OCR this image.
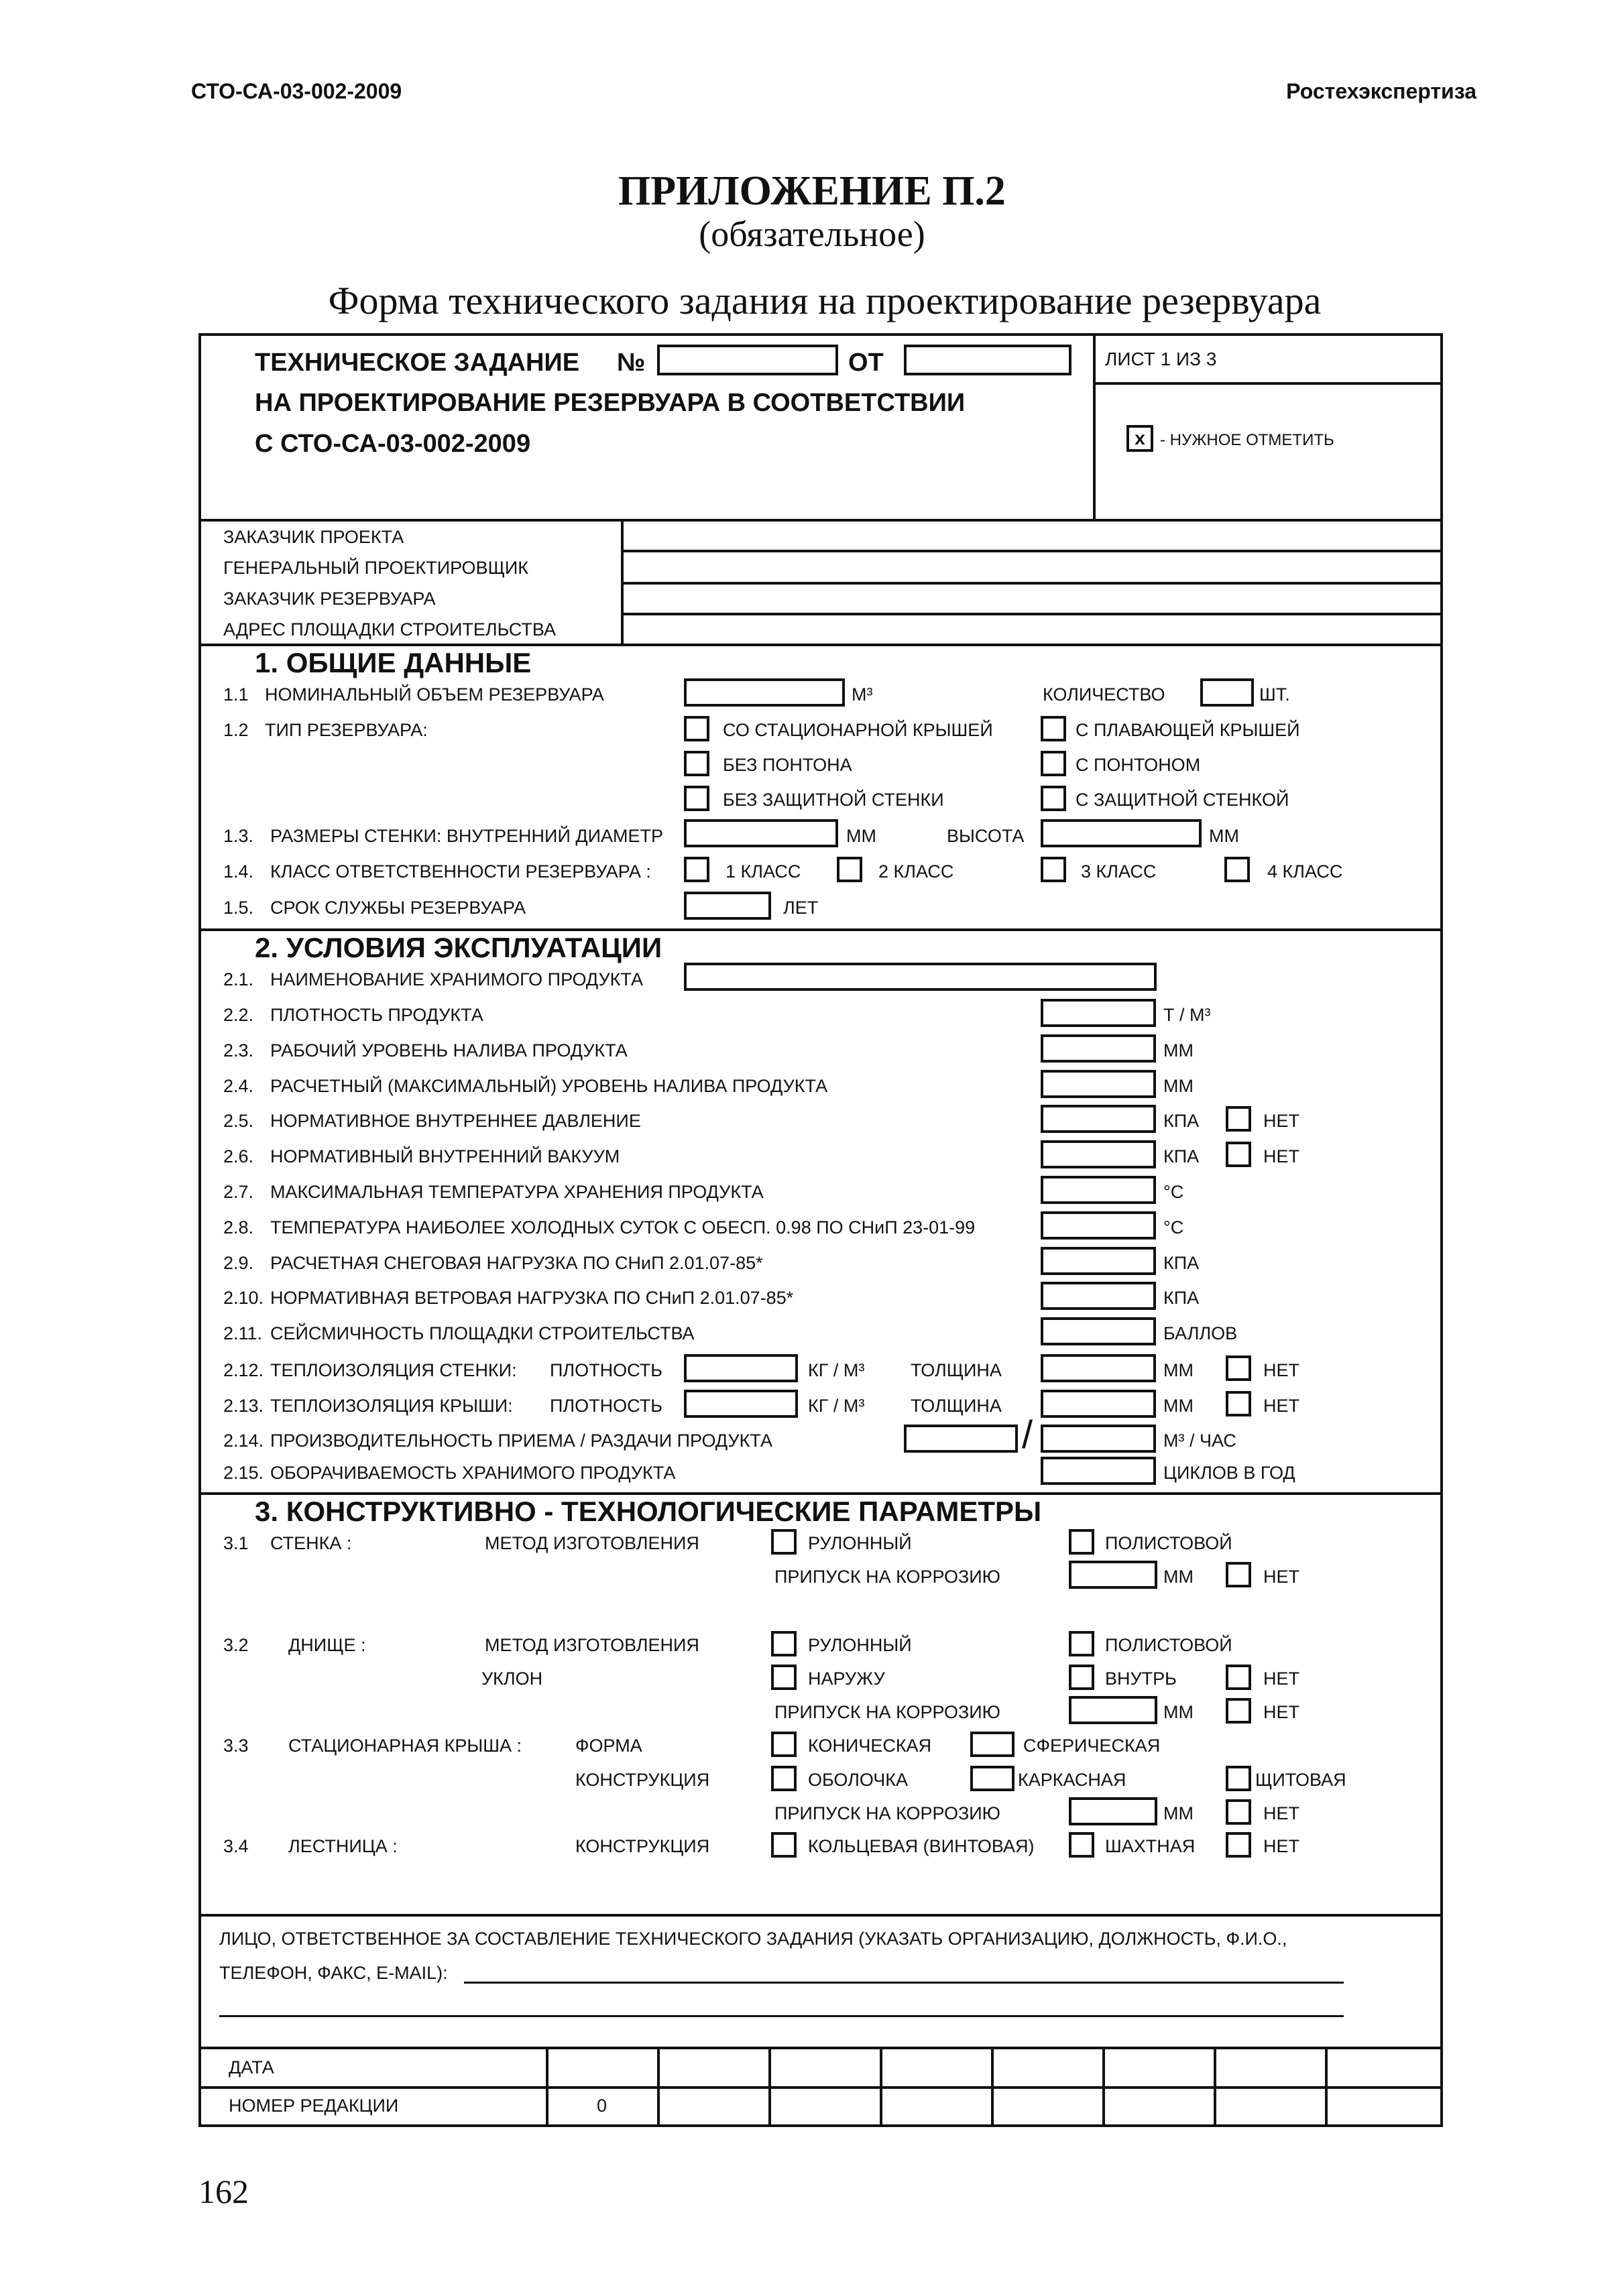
СТО-СА-03-002-2009	Ростехэкспертиза
ПРИЛОЖЕНИЕ П.2
(обязательное)
Форма технического задания на проектирование резервуара
ТЕХНИЧЕСКОЕ ЗАДАНИЕ №	ОТ	ЛИСТ 1 ИЗ 3
НА ПРОЕКТИРОВАНИЕ РЕЗЕРВУАРА В СООТВЕТСТВИИ
С СТО-СА-03-002-2009	x - НУЖНОЕ ОТМЕТИТЬ
ЗАКАЗЧИК ПРОЕКТА
ГЕНЕРАЛЬНЫЙ ПРОЕКТИРОВЩИК
ЗАКАЗЧИК РЕЗЕРВУАРА
АДРЕС ПЛОЩАДКИ СТРОИТЕЛЬСТВА
1. ОБЩИЕ ДАННЫЕ
1.1 НОМИНАЛЬНЫЙ ОБЪЕМ РЕЗЕРВУАРА	М³	КОЛИЧЕСТВО	ШТ.
1.2 ТИП РЕЗЕРВУАРА:	СО СТАЦИОНАРНОЙ КРЫШЕЙ	С ПЛАВАЮЩЕЙ КРЫШЕЙ
БЕЗ ПОНТОНА	С ПОНТОНОМ
БЕЗ ЗАЩИТНОЙ СТЕНКИ	С ЗАЩИТНОЙ СТЕНКОЙ
1.3. РАЗМЕРЫ СТЕНКИ: ВНУТРЕННИЙ ДИАМЕТР	ММ	ВЫСОТА	ММ
1.4. КЛАСС ОТВЕТСТВЕННОСТИ РЕЗЕРВУАРА :	1 КЛАСС	2 КЛАСС	3 КЛАСС	4 КЛАСС
1.5. СРОК СЛУЖБЫ РЕЗЕРВУАРА	ЛЕТ
2. УСЛОВИЯ ЭКСПЛУАТАЦИИ
2.1. НАИМЕНОВАНИЕ ХРАНИМОГО ПРОДУКТА
2.2. ПЛОТНОСТЬ ПРОДУКТА	Т / М³
2.3. РАБОЧИЙ УРОВЕНЬ НАЛИВА ПРОДУКТА	ММ
2.4. РАСЧЕТНЫЙ (МАКСИМАЛЬНЫЙ) УРОВЕНЬ НАЛИВА ПРОДУКТА	ММ
2.5. НОРМАТИВНОЕ ВНУТРЕННЕЕ ДАВЛЕНИЕ	КПА	НЕТ
2.6. НОРМАТИВНЫЙ ВНУТРЕННИЙ ВАКУУМ	КПА	НЕТ
2.7. МАКСИМАЛЬНАЯ ТЕМПЕРАТУРА ХРАНЕНИЯ ПРОДУКТА	°С
2.8. ТЕМПЕРАТУРА НАИБОЛЕЕ ХОЛОДНЫХ СУТОК С ОБЕСП. 0.98 ПО СНиП 23-01-99	°С
2.9. РАСЧЕТНАЯ СНЕГОВАЯ НАГРУЗКА ПО СНиП 2.01.07-85*	КПА
2.10. НОРМАТИВНАЯ ВЕТРОВАЯ НАГРУЗКА ПО СНиП 2.01.07-85*	КПА
2.11. СЕЙСМИЧНОСТЬ ПЛОЩАДКИ СТРОИТЕЛЬСТВА	БАЛЛОВ
2.12. ТЕПЛОИЗОЛЯЦИЯ СТЕНКИ: ПЛОТНОСТЬ	КГ / М³	ТОЛЩИНА	ММ	НЕТ
2.13. ТЕПЛОИЗОЛЯЦИЯ КРЫШИ: ПЛОТНОСТЬ	КГ / М³	ТОЛЩИНА	ММ	НЕТ
2.14. ПРОИЗВОДИТЕЛЬНОСТЬ ПРИЕМА / РАЗДАЧИ ПРОДУКТА	/	М³ / ЧАС
2.15. ОБОРАЧИВАЕМОСТЬ ХРАНИМОГО ПРОДУКТА	ЦИКЛОВ В ГОД
3. КОНСТРУКТИВНО - ТЕХНОЛОГИЧЕСКИЕ ПАРАМЕТРЫ
3.1 СТЕНКА :	МЕТОД ИЗГОТОВЛЕНИЯ	РУЛОННЫЙ	ПОЛИСТОВОЙ
ПРИПУСК НА КОРРОЗИЮ	ММ	НЕТ
3.2 ДНИЩЕ :	МЕТОД ИЗГОТОВЛЕНИЯ	РУЛОННЫЙ	ПОЛИСТОВОЙ
УКЛОН	НАРУЖУ	ВНУТРЬ	НЕТ
ПРИПУСК НА КОРРОЗИЮ	ММ	НЕТ
3.3 СТАЦИОНАРНАЯ КРЫША :	ФОРМА	КОНИЧЕСКАЯ	СФЕРИЧЕСКАЯ
КОНСТРУКЦИЯ	ОБОЛОЧКА	КАРКАСНАЯ	ЩИТОВАЯ
ПРИПУСК НА КОРРОЗИЮ	ММ	НЕТ
3.4 ЛЕСТНИЦА :	КОНСТРУКЦИЯ	КОЛЬЦЕВАЯ (ВИНТОВАЯ)	ШАХТНАЯ	НЕТ
ЛИЦО, ОТВЕТСТВЕННОЕ ЗА СОСТАВЛЕНИЕ ТЕХНИЧЕСКОГО ЗАДАНИЯ (УКАЗАТЬ ОРГАНИЗАЦИЮ, ДОЛЖНОСТЬ, Ф.И.О.,
ТЕЛЕФОН, ФАКС, E-MAIL):
ДАТА
НОМЕР РЕДАКЦИИ	0
162
